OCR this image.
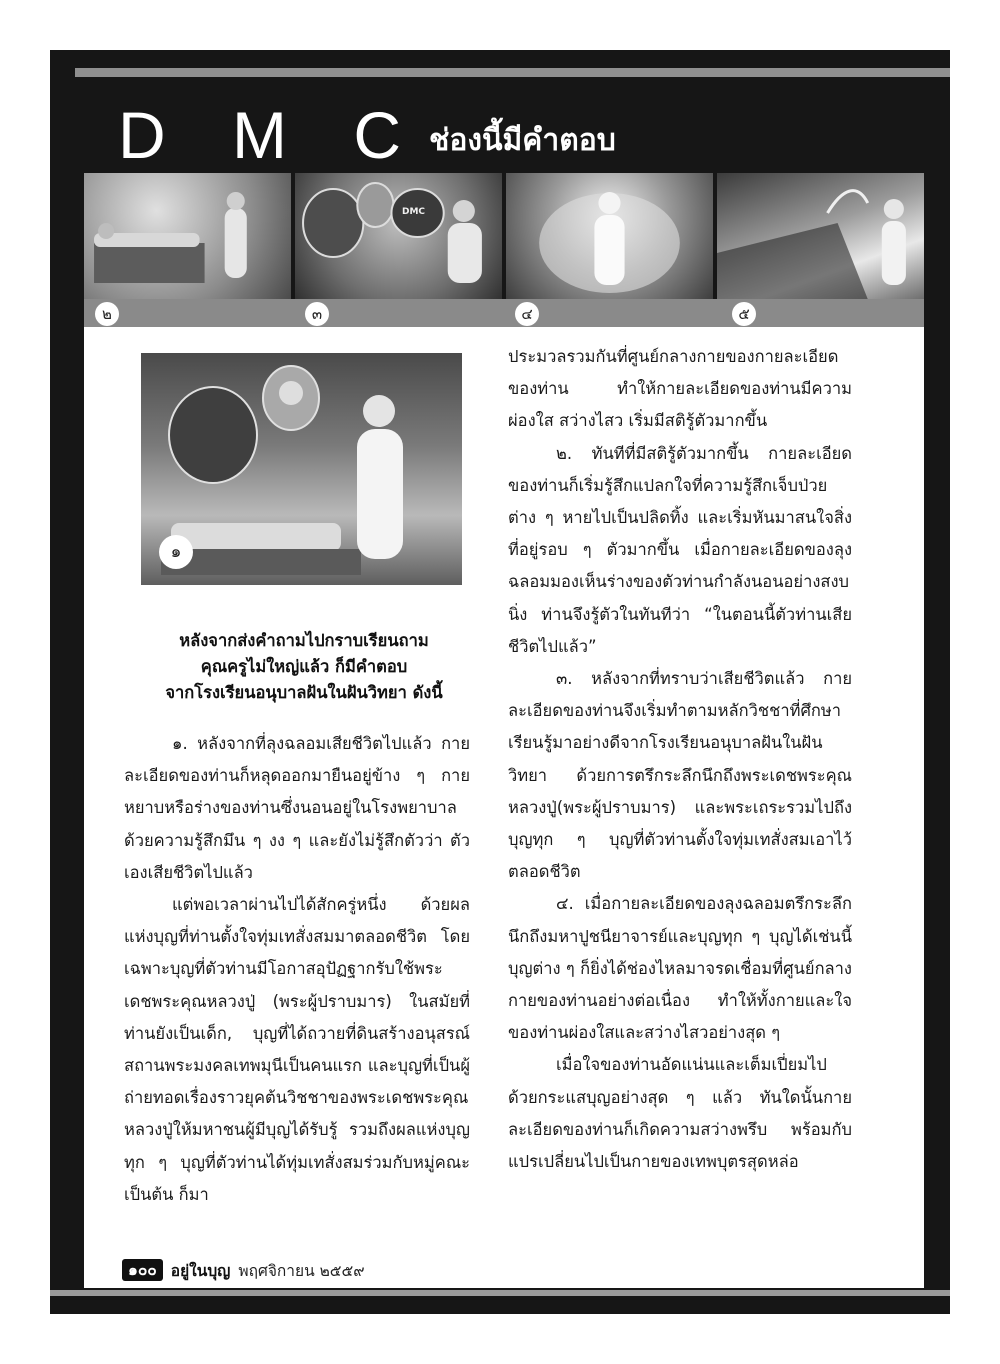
D M C ช่องนี้มีคำตอบ
DMC
๒	๓	๔	๕
๑
หลังจากส่งคำถามไปกราบเรียนถาม
คุณครูไม่ใหญ่แล้ว ก็มีคำตอบ
จากโรงเรียนอนุบาลฝันในฝันวิทยา ดังนี้

๑. หลังจากที่ลุงฉลอมเสียชีวิตไปแล้ว กายละเอียดของท่านก็หลุดออกมายืนอยู่ข้าง ๆ กายหยาบหรือร่างของท่านซึ่งนอนอยู่ในโรงพยาบาลด้วยความรู้สึกมึน ๆ งง ๆ และยังไม่รู้สึกตัวว่า ตัวเองเสียชีวิตไปแล้ว

แต่พอเวลาผ่านไปได้สักครู่หนึ่ง ด้วยผลแห่งบุญที่ท่านตั้งใจทุ่มเทสั่งสมมาตลอดชีวิต โดยเฉพาะบุญที่ตัวท่านมีโอกาสอุปัฏฐากรับใช้พระเดชพระคุณหลวงปู่ (พระผู้ปราบมาร) ในสมัยที่ท่านยังเป็นเด็ก, บุญที่ได้ถวายที่ดินสร้างอนุสรณ์สถานพระมงคลเทพมุนีเป็นคนแรก และบุญที่เป็นผู้ถ่ายทอดเรื่องราวยุคต้นวิชชาของพระเดชพระคุณหลวงปู่ให้มหาชนผู้มีบุญได้รับรู้ รวมถึงผลแห่งบุญทุก ๆ บุญที่ตัวท่านได้ทุ่มเทสั่งสมร่วมกับหมู่คณะ เป็นต้น ก็มา

ประมวลรวมกันที่ศูนย์กลางกายของกายละเอียดของท่าน ทำให้กายละเอียดของท่านมีความผ่องใส สว่างไสว เริ่มมีสติรู้ตัวมากขึ้น

๒. ทันทีที่มีสติรู้ตัวมากขึ้น กายละเอียดของท่านก็เริ่มรู้สึกแปลกใจที่ความรู้สึกเจ็บป่วยต่าง ๆ หายไปเป็นปลิดทิ้ง และเริ่มหันมาสนใจสิ่งที่อยู่รอบ ๆ ตัวมากขึ้น เมื่อกายละเอียดของลุงฉลอมมองเห็นร่างของตัวท่านกำลังนอนอย่างสงบนิ่ง ท่านจึงรู้ตัวในทันทีว่า “ในตอนนี้ตัวท่านเสียชีวิตไปแล้ว”

๓. หลังจากที่ทราบว่าเสียชีวิตแล้ว กายละเอียดของท่านจึงเริ่มทำตามหลักวิชชาที่ศึกษาเรียนรู้มาอย่างดีจากโรงเรียนอนุบาลฝันในฝันวิทยา ด้วยการตรึกระลึกนึกถึงพระเดชพระคุณหลวงปู่(พระผู้ปราบมาร) และพระเถระรวมไปถึงบุญทุก ๆ บุญที่ตัวท่านตั้งใจทุ่มเทสั่งสมเอาไว้ตลอดชีวิต

๔. เมื่อกายละเอียดของลุงฉลอมตรึกระลึกนึกถึงมหาปูชนียาจารย์และบุญทุก ๆ บุญได้เช่นนี้ บุญต่าง ๆ ก็ยิ่งได้ช่องไหลมาจรดเชื่อมที่ศูนย์กลางกายของท่านอย่างต่อเนื่อง ทำให้ทั้งกายและใจของท่านผ่องใสและสว่างไสวอย่างสุด ๆ

เมื่อใจของท่านอัดแน่นและเต็มเปี่ยมไปด้วยกระแสบุญอย่างสุด ๆ แล้ว ทันใดนั้นกายละเอียดของท่านก็เกิดความสว่างพรึบ พร้อมกับแปรเปลี่ยนไปเป็นกายของเทพบุตรสุดหล่อ

๑๐๐ อยู่ในบุญ พฤศจิกายน ๒๕๕๙
